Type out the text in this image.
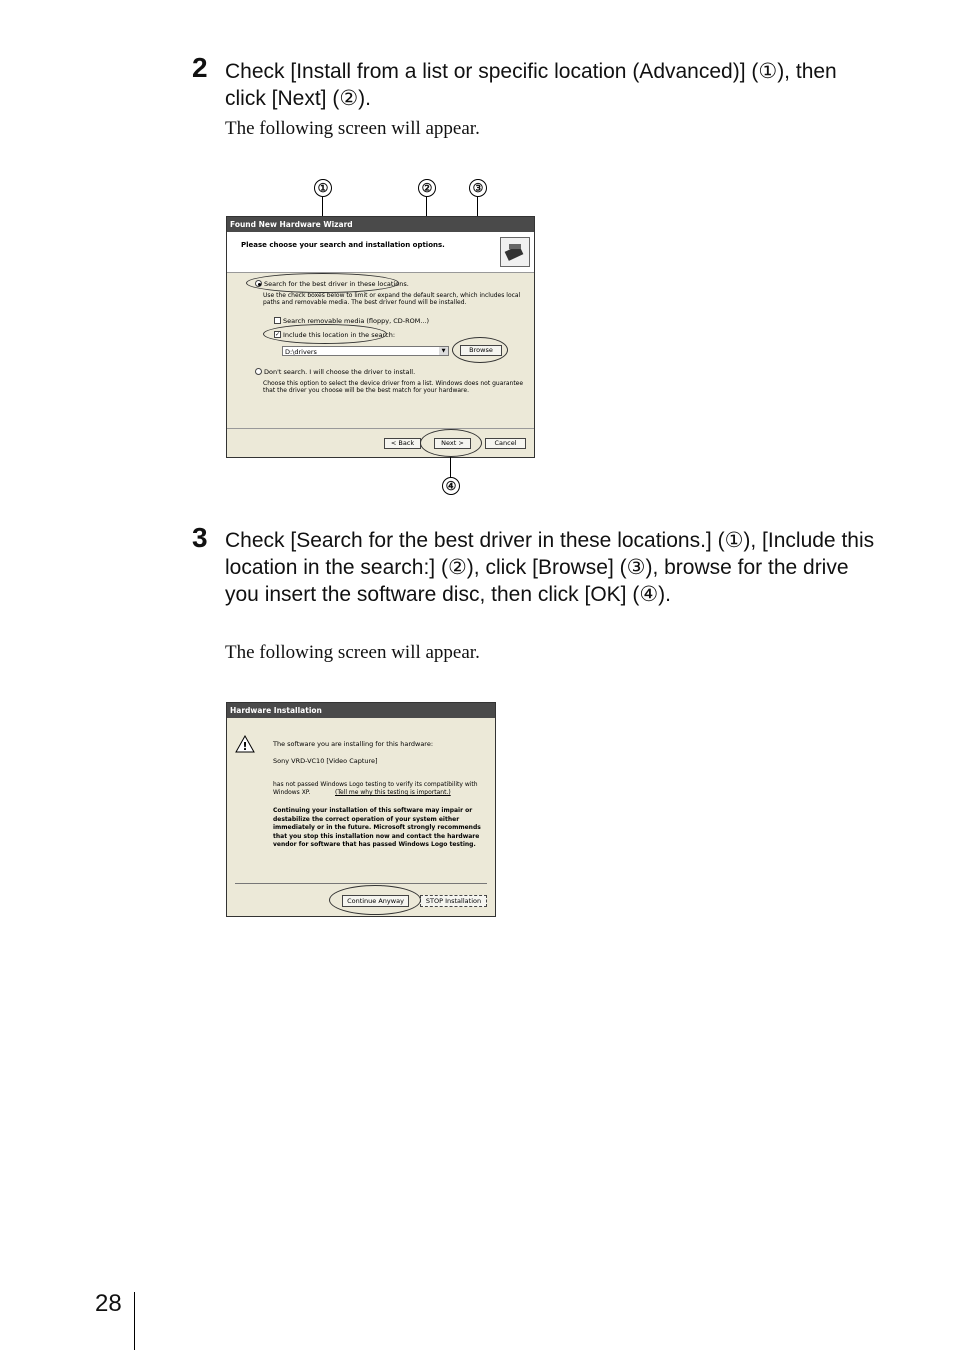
2 Check [Install from a list or specific location (Advanced)] (①), then click [Next] (②).
The following screen will appear.
①	②	③
Found New Hardware Wizard
Please choose your search and installation options.
Search for the best driver in these locations.
Use the check boxes below to limit or expand the default search, which includes local paths and removable media. The best driver found will be installed.
Search removable media (floppy, CD-ROM...)
✓ Include this location in the search:
D:\drivers	▼	Browse
Don't search. I will choose the driver to install.
Choose this option to select the device driver from a list. Windows does not guarantee that the driver you choose will be the best match for your hardware.
< Back	Next >	Cancel
④
3 Check [Search for the best driver in these locations.] (①), [Include this location in the search:] (②), click [Browse] (③), browse for the drive you insert the software disc, then click [OK] (④).
The following screen will appear.
Hardware Installation
!	The software you are installing for this hardware:
Sony VRD-VC10 [Video Capture]
has not passed Windows Logo testing to verify its compatibility with Windows XP.	(Tell me why this testing is important.)
Continuing your installation of this software may impair or destabilize the correct operation of your system either immediately or in the future. Microsoft strongly recommends that you stop this installation now and contact the hardware vendor for software that has passed Windows Logo testing.
Continue Anyway	STOP Installation
28
